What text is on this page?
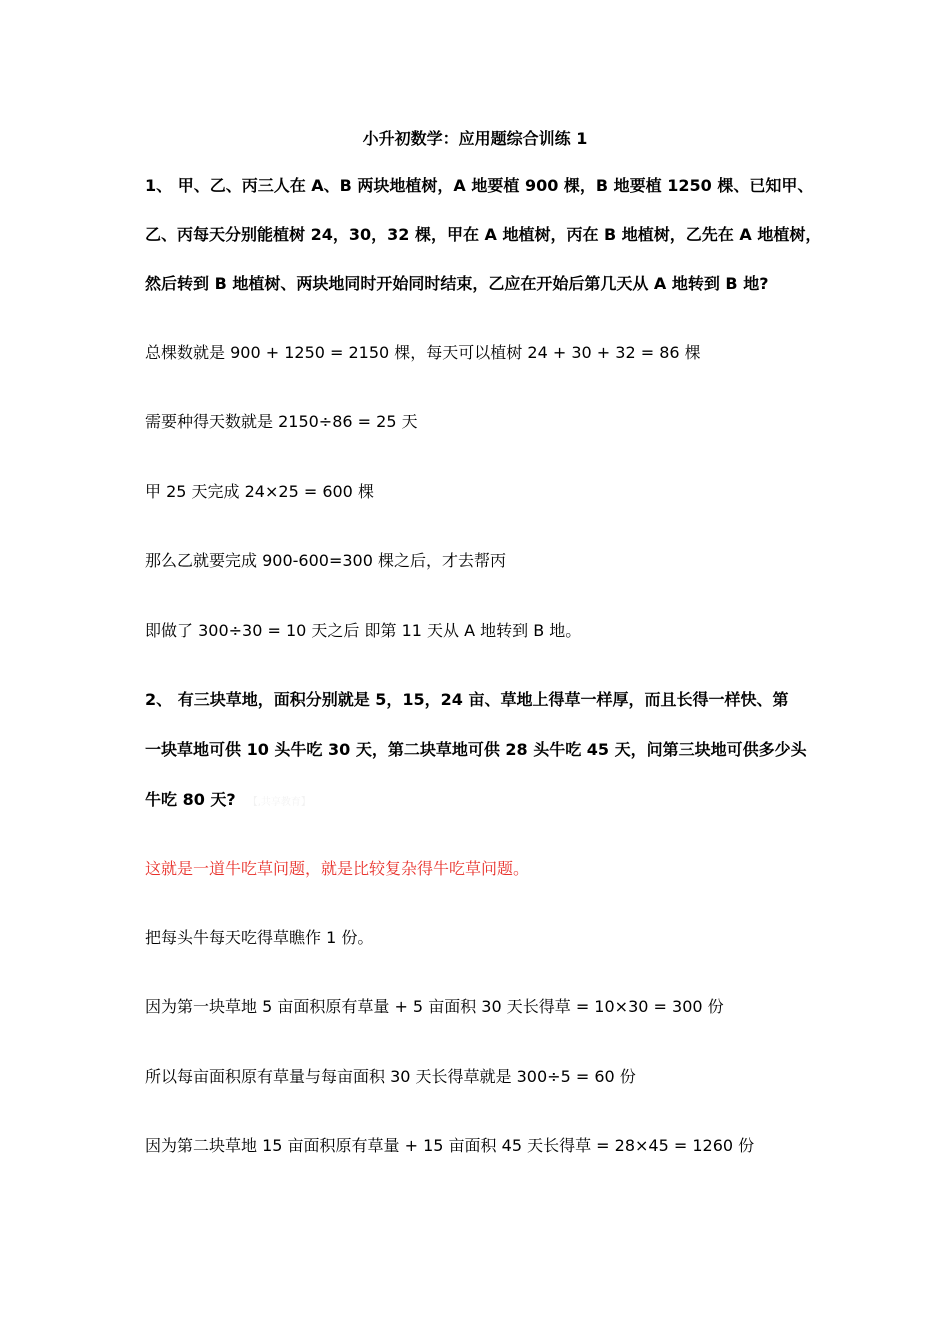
小升初数学：应用题综合训练 1
1、 甲、乙、丙三人在 A、B 两块地植树，A 地要植 900 棵，B 地要植 1250 棵、已知甲、
乙、丙每天分别能植树 24，30，32 棵，甲在 A 地植树，丙在 B 地植树，乙先在 A 地植树，
然后转到 B 地植树、两块地同时开始同时结束，乙应在开始后第几天从 A 地转到 B 地?
总棵数就是 900 + 1250 = 2150 棵，每天可以植树 24 + 30 + 32 = 86 棵
需要种得天数就是 2150÷86 = 25 天
甲 25 天完成 24×25 = 600 棵
那么乙就要完成 900-600=300 棵之后，才去帮丙
即做了 300÷30 = 10 天之后 即第 11 天从 A 地转到 B 地。
2、 有三块草地，面积分别就是 5，15，24 亩、草地上得草一样厚，而且长得一样快、第
一块草地可供 10 头牛吃 30 天，第二块草地可供 28 头牛吃 45 天，问第三块地可供多少头
牛吃 80 天? 【,共享教育】
这就是一道牛吃草问题，就是比较复杂得牛吃草问题。
把每头牛每天吃得草瞧作 1 份。
因为第一块草地 5 亩面积原有草量 + 5 亩面积 30 天长得草 = 10×30 = 300 份
所以每亩面积原有草量与每亩面积 30 天长得草就是 300÷5 = 60 份
因为第二块草地 15 亩面积原有草量 + 15 亩面积 45 天长得草 = 28×45 = 1260 份
